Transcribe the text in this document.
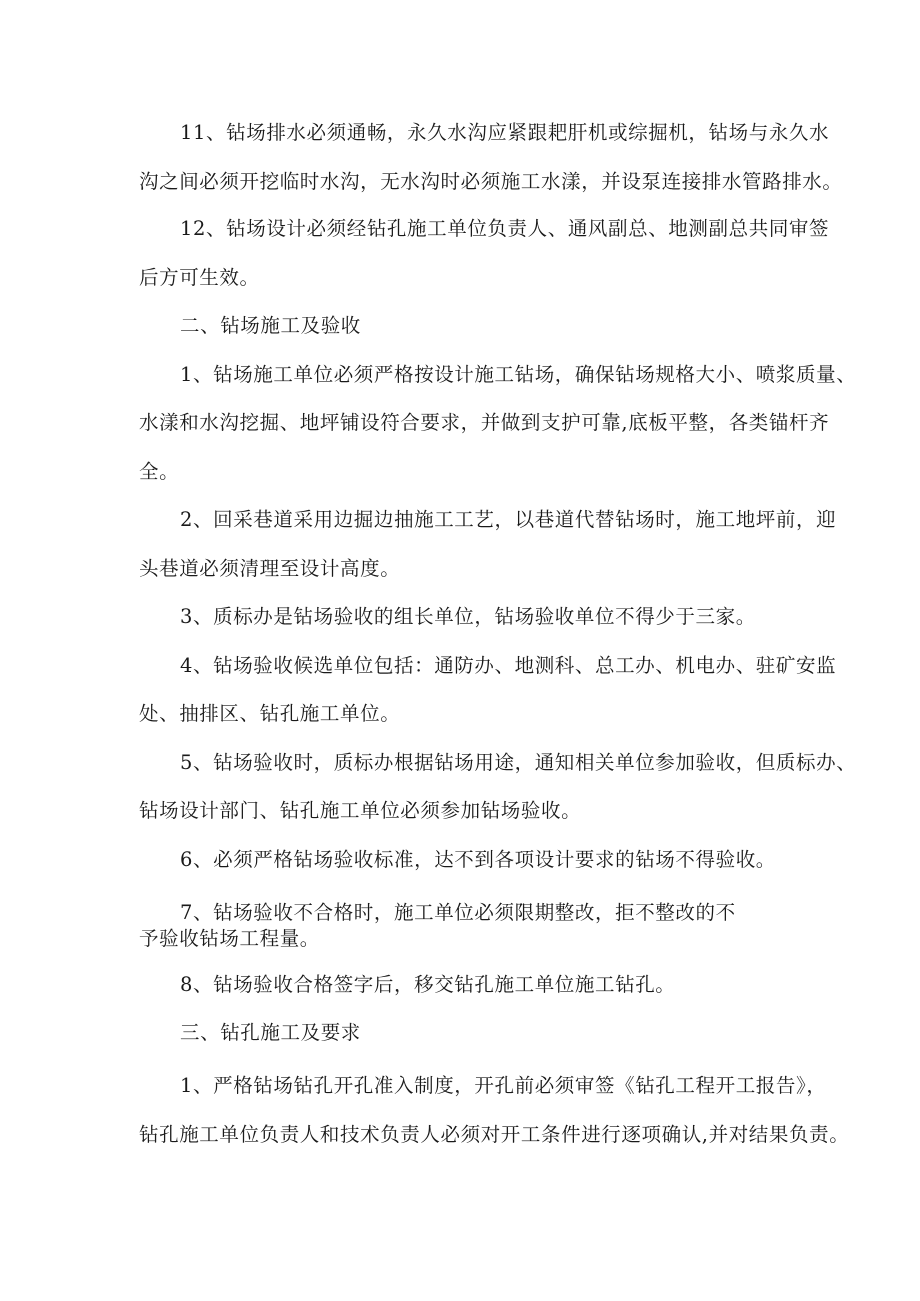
11、钻场排水必须通畅，永久水沟应紧跟耙肝机或综掘机，钻场与永久水
沟之间必须开挖临时水沟，无水沟时必须施工水漾，并设泵连接排水管路排水。
12、钻场设计必须经钻孔施工单位负责人、通风副总、地测副总共同审签
后方可生效。
二、钻场施工及验收
1、钻场施工单位必须严格按设计施工钻场，确保钻场规格大小、喷浆质量、
水漾和水沟挖掘、地坪铺设符合要求，并做到支护可靠,底板平整，各类锚杆齐
全。
2、回采巷道采用边掘边抽施工工艺，以巷道代替钻场时，施工地坪前，迎
头巷道必须清理至设计高度。
3、质标办是钻场验收的组长单位，钻场验收单位不得少于三家。
4、钻场验收候选单位包括：通防办、地测科、总工办、机电办、驻矿安监
处、抽排区、钻孔施工单位。
5、钻场验收时，质标办根据钻场用途，通知相关单位参加验收，但质标办、
钻场设计部门、钻孔施工单位必须参加钻场验收。
6、必须严格钻场验收标准，达不到各项设计要求的钻场不得验收。
7、钻场验收不合格时，施工单位必须限期整改，拒不整改的不
予验收钻场工程量。
8、钻场验收合格签字后，移交钻孔施工单位施工钻孔。
三、钻孔施工及要求
1、严格钻场钻孔开孔准入制度，开孔前必须审签《钻孔工程开工报告》，
钻孔施工单位负责人和技术负责人必须对开工条件进行逐项确认,并对结果负责。
